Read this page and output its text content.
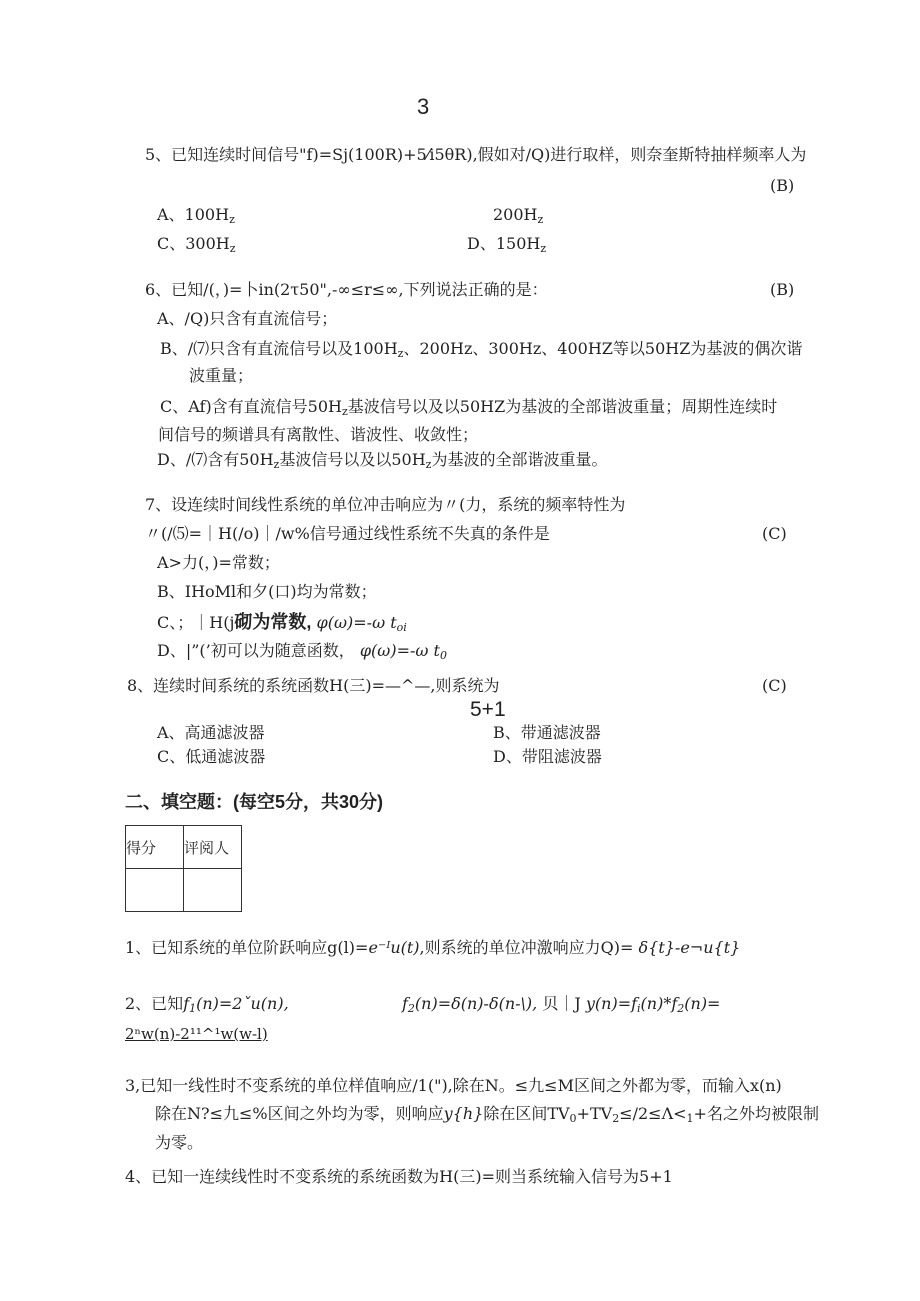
3
5、已知连续时间信号"f)=Sj(100R)+5⁄i5θR),假如对/Q)进行取样，则奈奎斯特抽样频率人为
(B)
A、$100H_z$	$200H_z$
C、$300H_z$	D、$150H_z$
6、已知/(，)=卜in(2τ50",-∞≤r≤∞,下列说法正确的是：	(B)
A、/Q)只含有直流信号；
B、/⑺只含有直流信号以及$100H_z$、200Hz、300Hz、400HZ等以50HZ为基波的偶次谐
波重量；
C、Af)含有直流信号$50H_z$基波信号以及以50HZ为基波的全部谐波重量；周期性连续时
间信号的频谱具有离散性、谐波性、收敛性；
D、/⑺含有$50H_z$基波信号以及以$50H_z$为基波的全部谐波重量。
7、设连续时间线性系统的单位冲击响应为〃(力，系统的频率特性为
〃(/⑸=｜H(/o)｜/w%信号通过线性系统不失真的条件是	(C)
A>力(，)=常数；
B、IHoMl和夕(口)均为常数；
C、；｜H(j砌为常数, φ(ω)=-ω $t_{oi}$
D、|”(’初可以为随意函数， φ(ω)=-ω $t_0$
8、连续时间系统的系统函数H(三)=—^—,则系统为	(C)
5+1
A、高通滤波器	B、带通滤波器
C、低通滤波器	D、带阻滤波器
二、填空题：(每空5分，共30分)
得分	评阅人

1、已知系统的单位阶跃响应g(l)=e⁻ᴵu(t),则系统的单位冲激响应力Q)= δ{t}-e¬u{t}
2、已知$f_1(n)=2ˇu(n)$,	$f_2(n)=\delta(n)-\delta(n-\backslash)$, 贝｜J $y(n)=f_i(n)*f_2(n)=$
2ⁿw(n)-2¹¹^¹w(w-l)
3,已知一线性时不变系统的单位样值响应/1("),除在N。≤九≤M区间之外都为零，而输入x(n)
除在N?≤九≤%区间之外均为零，则响应y{h}除在区间$TV_0+TV_2\le/2\le\Lambda<_1+$名之外均被限制
为零。
4、已知一连续线性时不变系统的系统函数为H(三)=则当系统输入信号为5+1
